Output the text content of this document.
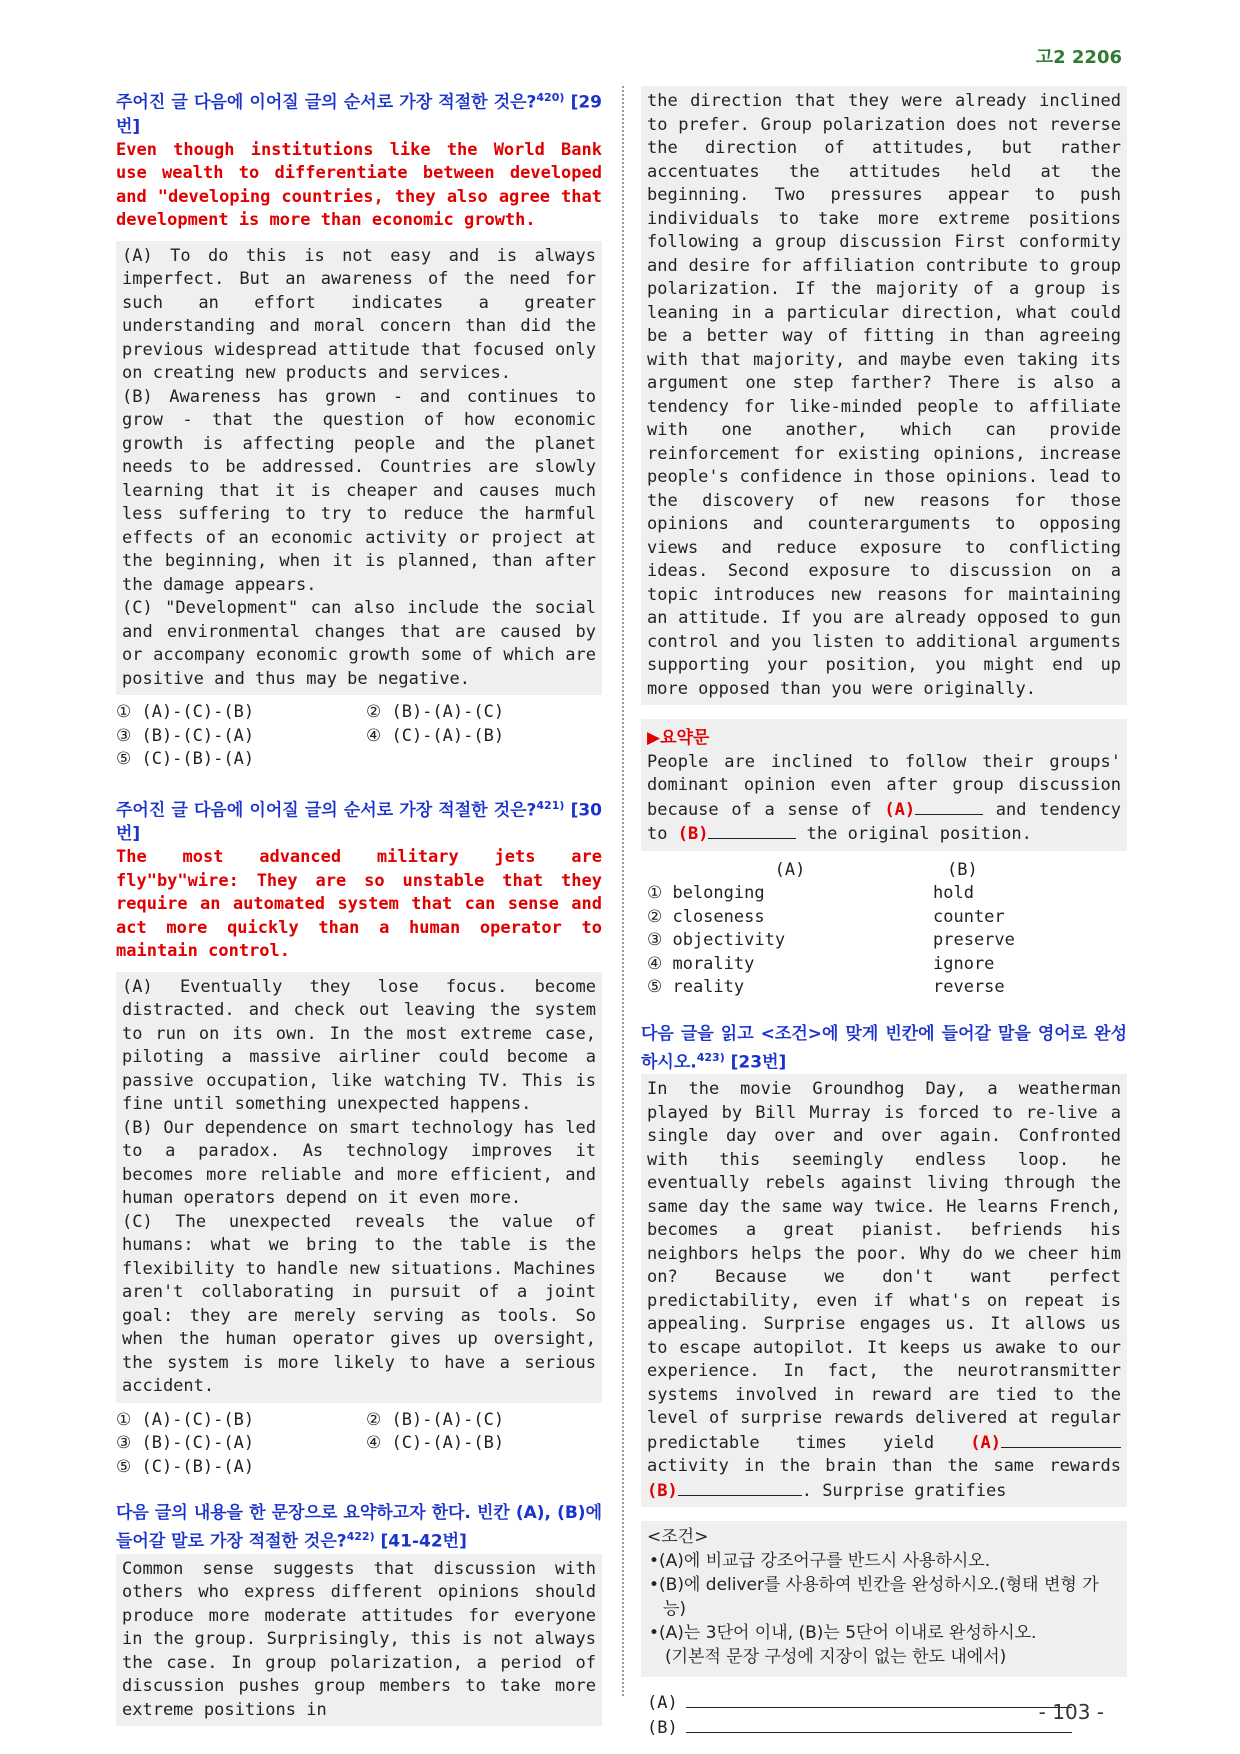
고2 2206

주어진 글 다음에 이어질 글의 순서로 가장 적절한 것은?$^{420)}$ [29번]

Even though institutions like the World Bank use wealth to differentiate between developed and "developing countries, they also agree that development is more than economic growth.

(A) To do this is not easy and is always imperfect. But an awareness of the need for such an effort indicates a greater understanding and moral concern than did the previous widespread attitude that focused only on creating new products and services.

(B) Awareness has grown - and continues to grow - that the question of how economic growth is affecting people and the planet needs to be addressed. Countries are slowly learning that it is cheaper and causes much less suffering to try to reduce the harmful effects of an economic activity or project at the beginning, when it is planned, than after the damage appears.

(C) "Development" can also include the social and environmental changes that are caused by or accompany economic growth some of which are positive and thus may be negative.

① (A)-(C)-(B)	② (B)-(A)-(C)
③ (B)-(C)-(A)	④ (C)-(A)-(B)
⑤ (C)-(B)-(A)

주어진 글 다음에 이어질 글의 순서로 가장 적절한 것은?$^{421)}$ [30번]

The most advanced military jets are fly"by"wire: They are so unstable that they require an automated system that can sense and act more quickly than a human operator to maintain control.

(A) Eventually they lose focus. become distracted. and check out leaving the system to run on its own. In the most extreme case, piloting a massive airliner could become a passive occupation, like watching TV. This is fine until something unexpected happens.

(B) Our dependence on smart technology has led to a paradox. As technology improves it becomes more reliable and more efficient, and human operators depend on it even more.

(C) The unexpected reveals the value of humans: what we bring to the table is the flexibility to handle new situations. Machines aren't collaborating in pursuit of a joint goal: they are merely serving as tools. So when the human operator gives up oversight, the system is more likely to have a serious accident.

① (A)-(C)-(B)	② (B)-(A)-(C)
③ (B)-(C)-(A)	④ (C)-(A)-(B)
⑤ (C)-(B)-(A)

다음 글의 내용을 한 문장으로 요약하고자 한다. 빈칸 (A), (B)에 들어갈 말로 가장 적절한 것은?$^{422)}$ [41-42번]

Common sense suggests that discussion with others who express different opinions should produce more moderate attitudes for everyone in the group. Surprisingly, this is not always the case. In group polarization, a period of discussion pushes group members to take more extreme positions in

the direction that they were already inclined to prefer. Group polarization does not reverse the direction of attitudes, but rather accentuates the attitudes held at the beginning. Two pressures appear to push individuals to take more extreme positions following a group discussion First conformity and desire for affiliation contribute to group polarization. If the majority of a group is leaning in a particular direction, what could be a better way of fitting in than agreeing with that majority, and maybe even taking its argument one step farther? There is also a tendency for like-minded people to affiliate with one another, which can provide reinforcement for existing opinions, increase people's confidence in those opinions. lead to the discovery of new reasons for those opinions and counterarguments to opposing views and reduce exposure to conflicting ideas. Second exposure to discussion on a topic introduces new reasons for maintaining an attitude. If you are already opposed to gun control and you listen to additional arguments supporting your position, you might end up more opposed than you were originally.

▶요약문

People are inclined to follow their groups' dominant opinion even after group discussion because of a sense of (A)	and tendency to (B)	the original position.

(A)	(B)
① belonging	hold
② closeness	counter
③ objectivity	preserve
④ morality	ignore
⑤ reality	reverse

다음 글을 읽고 <조건>에 맞게 빈칸에 들어갈 말을 영어로 완성하시오.$^{423)}$ [23번]

In the movie Groundhog Day, a weatherman played by Bill Murray is forced to re-live a single day over and over again. Confronted with this seemingly endless loop. he eventually rebels against living through the same day the same way twice. He learns French, becomes a great pianist. befriends his neighbors helps the poor. Why do we cheer him on? Because we don't want perfect predictability, even if what's on repeat is appealing. Surprise engages us. It allows us to escape autopilot. It keeps us awake to our experience. In fact, the neurotransmitter systems involved in reward are tied to the level of surprise rewards delivered at regular predictable times yield (A) activity in the brain than the same rewards (B)	. Surprise gratifies

<조건>
•(A)에 비교급 강조어구를 반드시 사용하시오.
•(B)에 deliver를 사용하여 빈칸을 완성하시오.(형태 변형 가능)
•(A)는 3단어 이내, (B)는 5단어 이내로 완성하시오.
(기본적 문장 구성에 지장이 없는 한도 내에서)
(A)
(B)
- 103 -
